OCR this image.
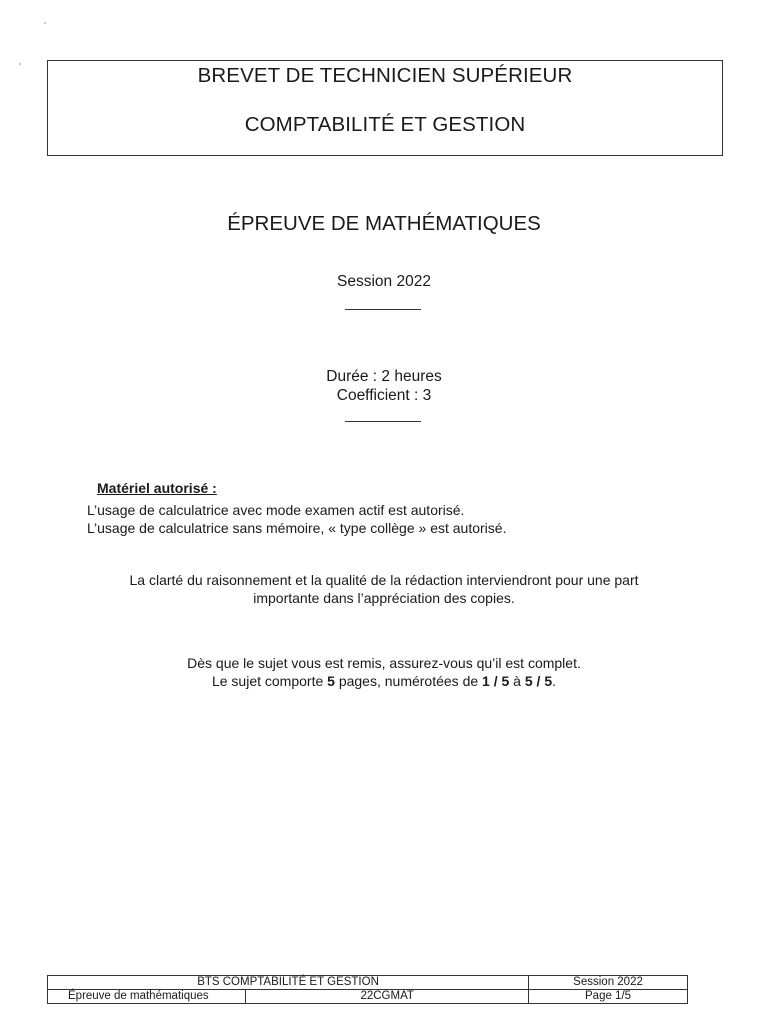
BREVET DE TECHNICIEN SUPÉRIEUR
COMPTABILITÉ ET GESTION
ÉPREUVE DE MATHÉMATIQUES
Session 2022
Durée : 2 heures
Coefficient : 3
Matériel autorisé :
L’usage de calculatrice avec mode examen actif est autorisé.
L’usage de calculatrice sans mémoire, « type collège » est autorisé.
La clarté du raisonnement et la qualité de la rédaction interviendront pour une part
importante dans l’appréciation des copies.
Dès que le sujet vous est remis, assurez-vous qu’il est complet.
Le sujet comporte 5 pages, numérotées de 1 / 5 à 5 / 5.
BTS COMPTABILITÉ ET GESTION		Session 2022
Épreuve de mathématiques	22CGMAT	Page 1/5
